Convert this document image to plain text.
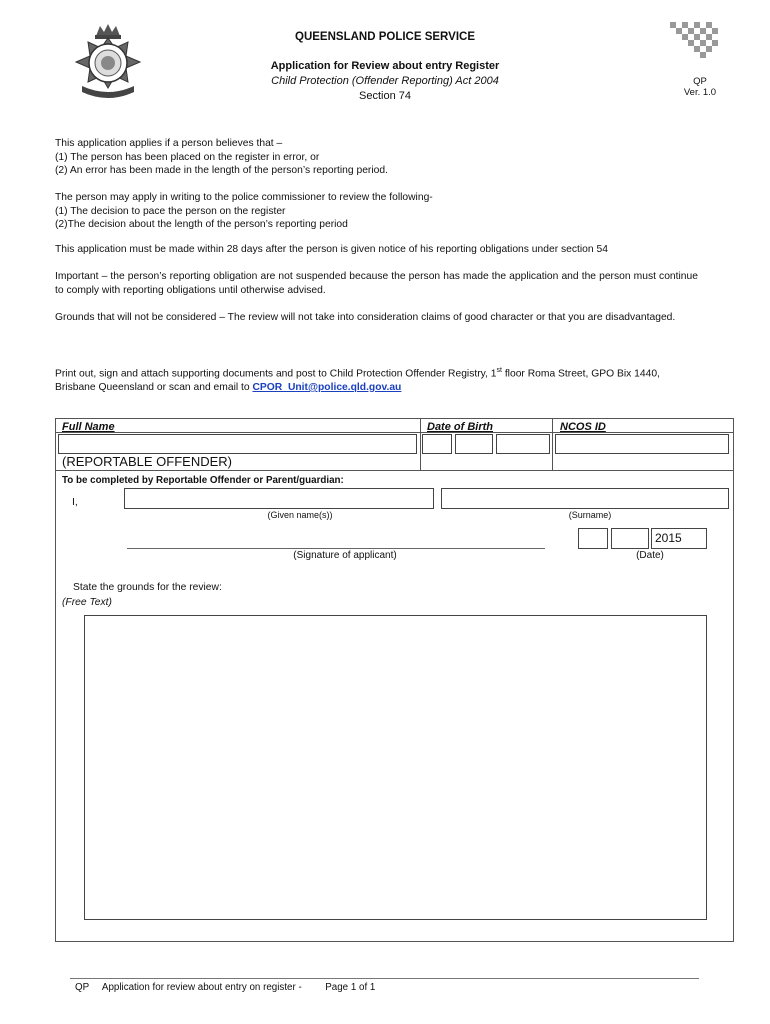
QUEENSLAND POLICE SERVICE
Application for Review about entry Register
Child Protection (Offender Reporting) Act 2004
Section 74
QP
Ver. 1.0
This application applies if a person believes that –
(1) The person has been placed on the register in error, or
(2) An error has been made in the length of the person’s reporting period.
The person may apply in writing to the police commissioner to review the following-
(1) The decision to pace the person on the register
(2)The decision about the length of the person’s reporting period
This application must be made within 28 days after the person is given notice of his reporting obligations under section 54
Important – the person’s reporting obligation are not suspended because the person has made the application and the person must continue to comply with reporting obligations until otherwise advised.
Grounds that will not be considered – The review will not take into consideration claims of good character or that you are disadvantaged.
Print out, sign and attach supporting documents and post to Child Protection Offender Registry, 1st floor Roma Street, GPO Bix 1440,
Brisbane Queensland or scan and email to CPOR_Unit@police.qld.gov.au
Full Name	Date of Birth	NCOS ID
(REPORTABLE OFFENDER)
To be completed by Reportable Offender or Parent/guardian:
I,
(Given name(s))	(Surname)
(Signature of applicant)
2015
(Date)
State the grounds for the review:
(Free Text)
QP Application for review about entry on register - Page 1 of 1
